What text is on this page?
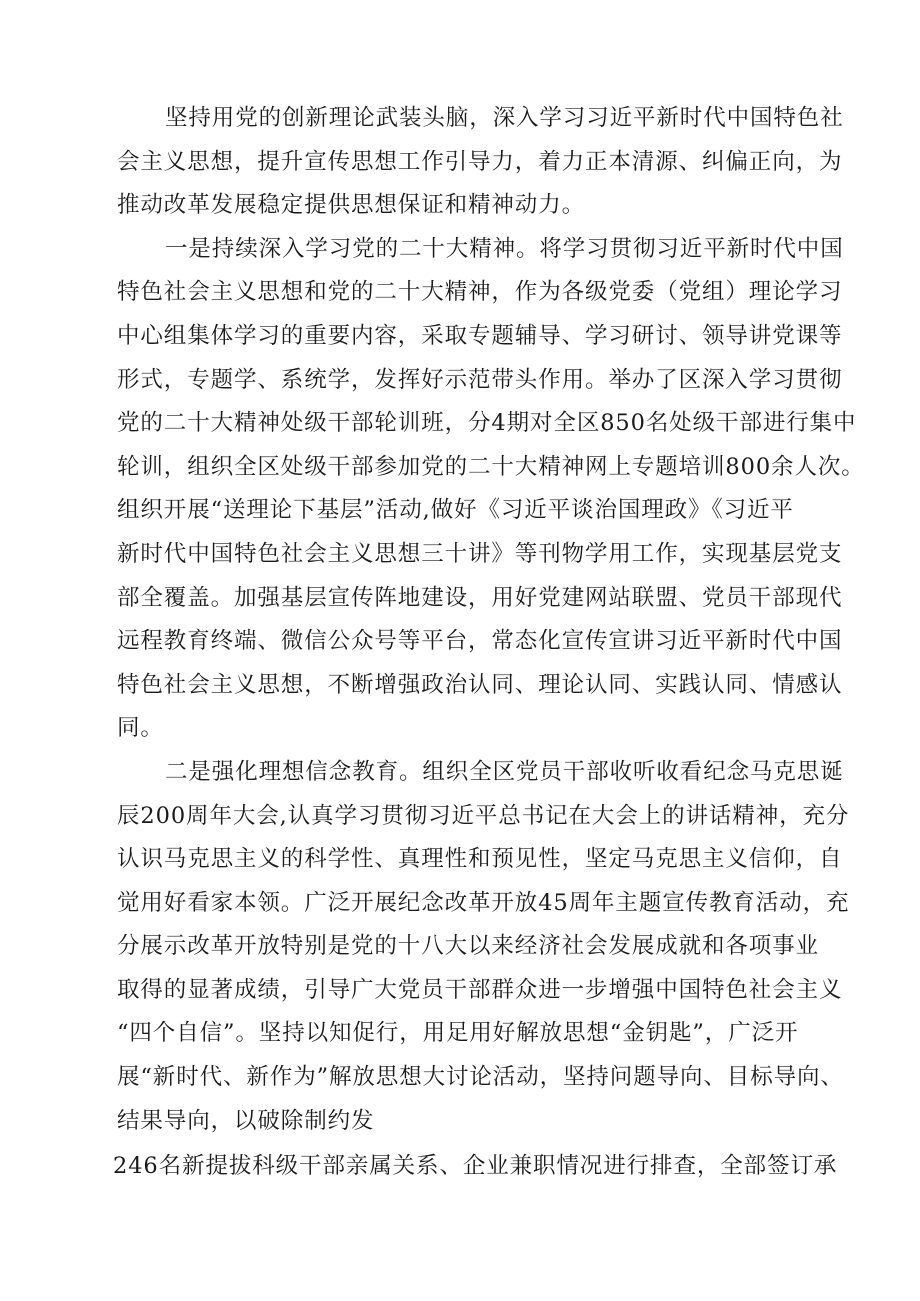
坚持用党的创新理论武装头脑，深入学习习近平新时代中国特色社
会主义思想，提升宣传思想工作引导力，着力正本清源、纠偏正向，为
推动改革发展稳定提供思想保证和精神动力。
一是持续深入学习党的二十大精神。将学习贯彻习近平新时代中国
特色社会主义思想和党的二十大精神，作为各级党委（党组）理论学习
中心组集体学习的重要内容，采取专题辅导、学习研讨、领导讲党课等
形式，专题学、系统学，发挥好示范带头作用。举办了区深入学习贯彻
党的二十大精神处级干部轮训班，分4期对全区850名处级干部进行集中
轮训，组织全区处级干部参加党的二十大精神网上专题培训800余人次。
组织开展“送理论下基层”活动,做好《习近平谈治国理政》《习近平
新时代中国特色社会主义思想三十讲》等刊物学用工作，实现基层党支
部全覆盖。加强基层宣传阵地建设，用好党建网站联盟、党员干部现代
远程教育终端、微信公众号等平台，常态化宣传宣讲习近平新时代中国
特色社会主义思想，不断增强政治认同、理论认同、实践认同、情感认
同。
二是强化理想信念教育。组织全区党员干部收听收看纪念马克思诞
辰200周年大会,认真学习贯彻习近平总书记在大会上的讲话精神，充分
认识马克思主义的科学性、真理性和预见性，坚定马克思主义信仰，自
觉用好看家本领。广泛开展纪念改革开放45周年主题宣传教育活动，充
分展示改革开放特别是党的十八大以来经济社会发展成就和各项事业
取得的显著成绩，引导广大党员干部群众进一步增强中国特色社会主义
“四个自信”。坚持以知促行，用足用好解放思想“金钥匙”，广泛开
展“新时代、新作为”解放思想大讨论活动，坚持问题导向、目标导向、
结果导向，以破除制约发
246名新提拔科级干部亲属关系、企业兼职情况进行排查，全部签订承
